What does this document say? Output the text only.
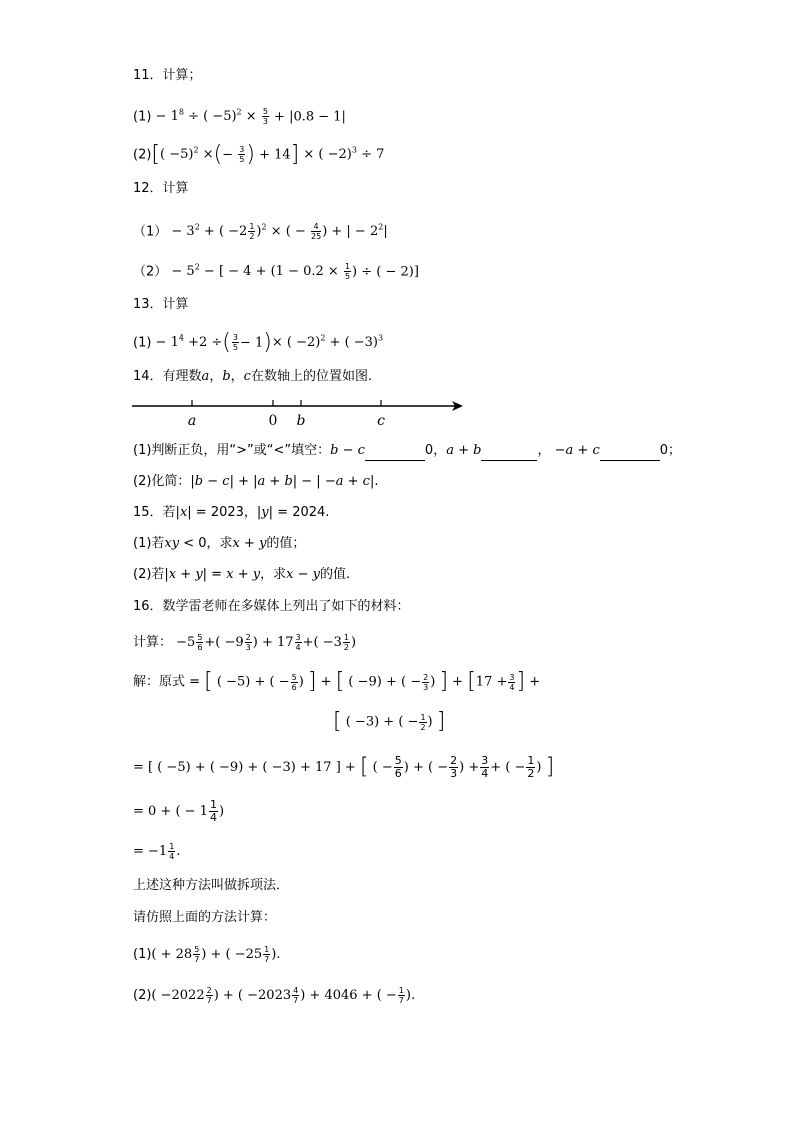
11．计算；
$(1) - 1^8$ ÷ ( $-5)^2 \times \frac{5}{3} + |0.8 - 1|$
$(2)[( -5)^2$ ×(− $\frac{3}{5}$ ) + 14] × ( −2)$^3$ ÷ 7
12．计算
$(1) - 3^2$ + ( $-2 \frac{1}{2} )^2$ × ( − $\frac{4}{25}$ ) + | − $2^2|$
$(2) - 5^2$ − [ − $4 + (1 - 0.2 \times \frac{1}{5}$ ) ÷ ( − 2)]
13．计算
$(1) - 1^4 +2$ ÷( $\frac{3}{5} - 1)\times$ ( −2)$^2$ + ( −3)$^3$
14．有理数a，b，c在数轴上的位置如图.
a	0 b	c
(1)判断正负，用“>”或“<”填空：b − c	0，a + b	， −a + c	0；
(2)化简：|b − c| + |a + b| − | −a + c|.
15．若|x| = 2023，|y| = 2024.
(1)若xy < 0，求x + y的值；
(2)若|x + y| = x + y，求x − y的值.
16．数学雷老师在多媒体上列出了如下的材料：
计算： $-5 \frac{5}{6}$ +( $-9 \frac{2}{3}$ ) + $17 \frac{3}{4}$ +( $-3 \frac{1}{2}$ )
解：原式 = [ ( −5) + ( − $\frac{5}{6}$ ) ] + [ ( −9) + ( − $\frac{2}{3}$ ) ] + [$17 + \frac{3}{4}$ ] +
[ ( −3) + ( − $\frac{1}{2}$ ) ]
= [ ( −5) + ( −9) + ( −3) + 17 ] + [ ( − $\frac{5}{6}$ ) + ( − $\frac{2}{3}$ ) + $\frac{3}{4}$ + ( − $\frac{1}{2}$ ) ]
= 0 + ( − $1 \frac{1}{4}$ )
= $-1 \frac{1}{4}$ .
上述这种方法叫做拆项法．
请仿照上面的方法计算：
$(1)( + 28 \frac{5}{7}$ ) + ( $-25 \frac{1}{7}$ ).
$(2)( -2022 \frac{2}{7}$ ) + ( $-2023 \frac{4}{7}$ ) + 4046 + ( − $\frac{1}{7}$ ).
